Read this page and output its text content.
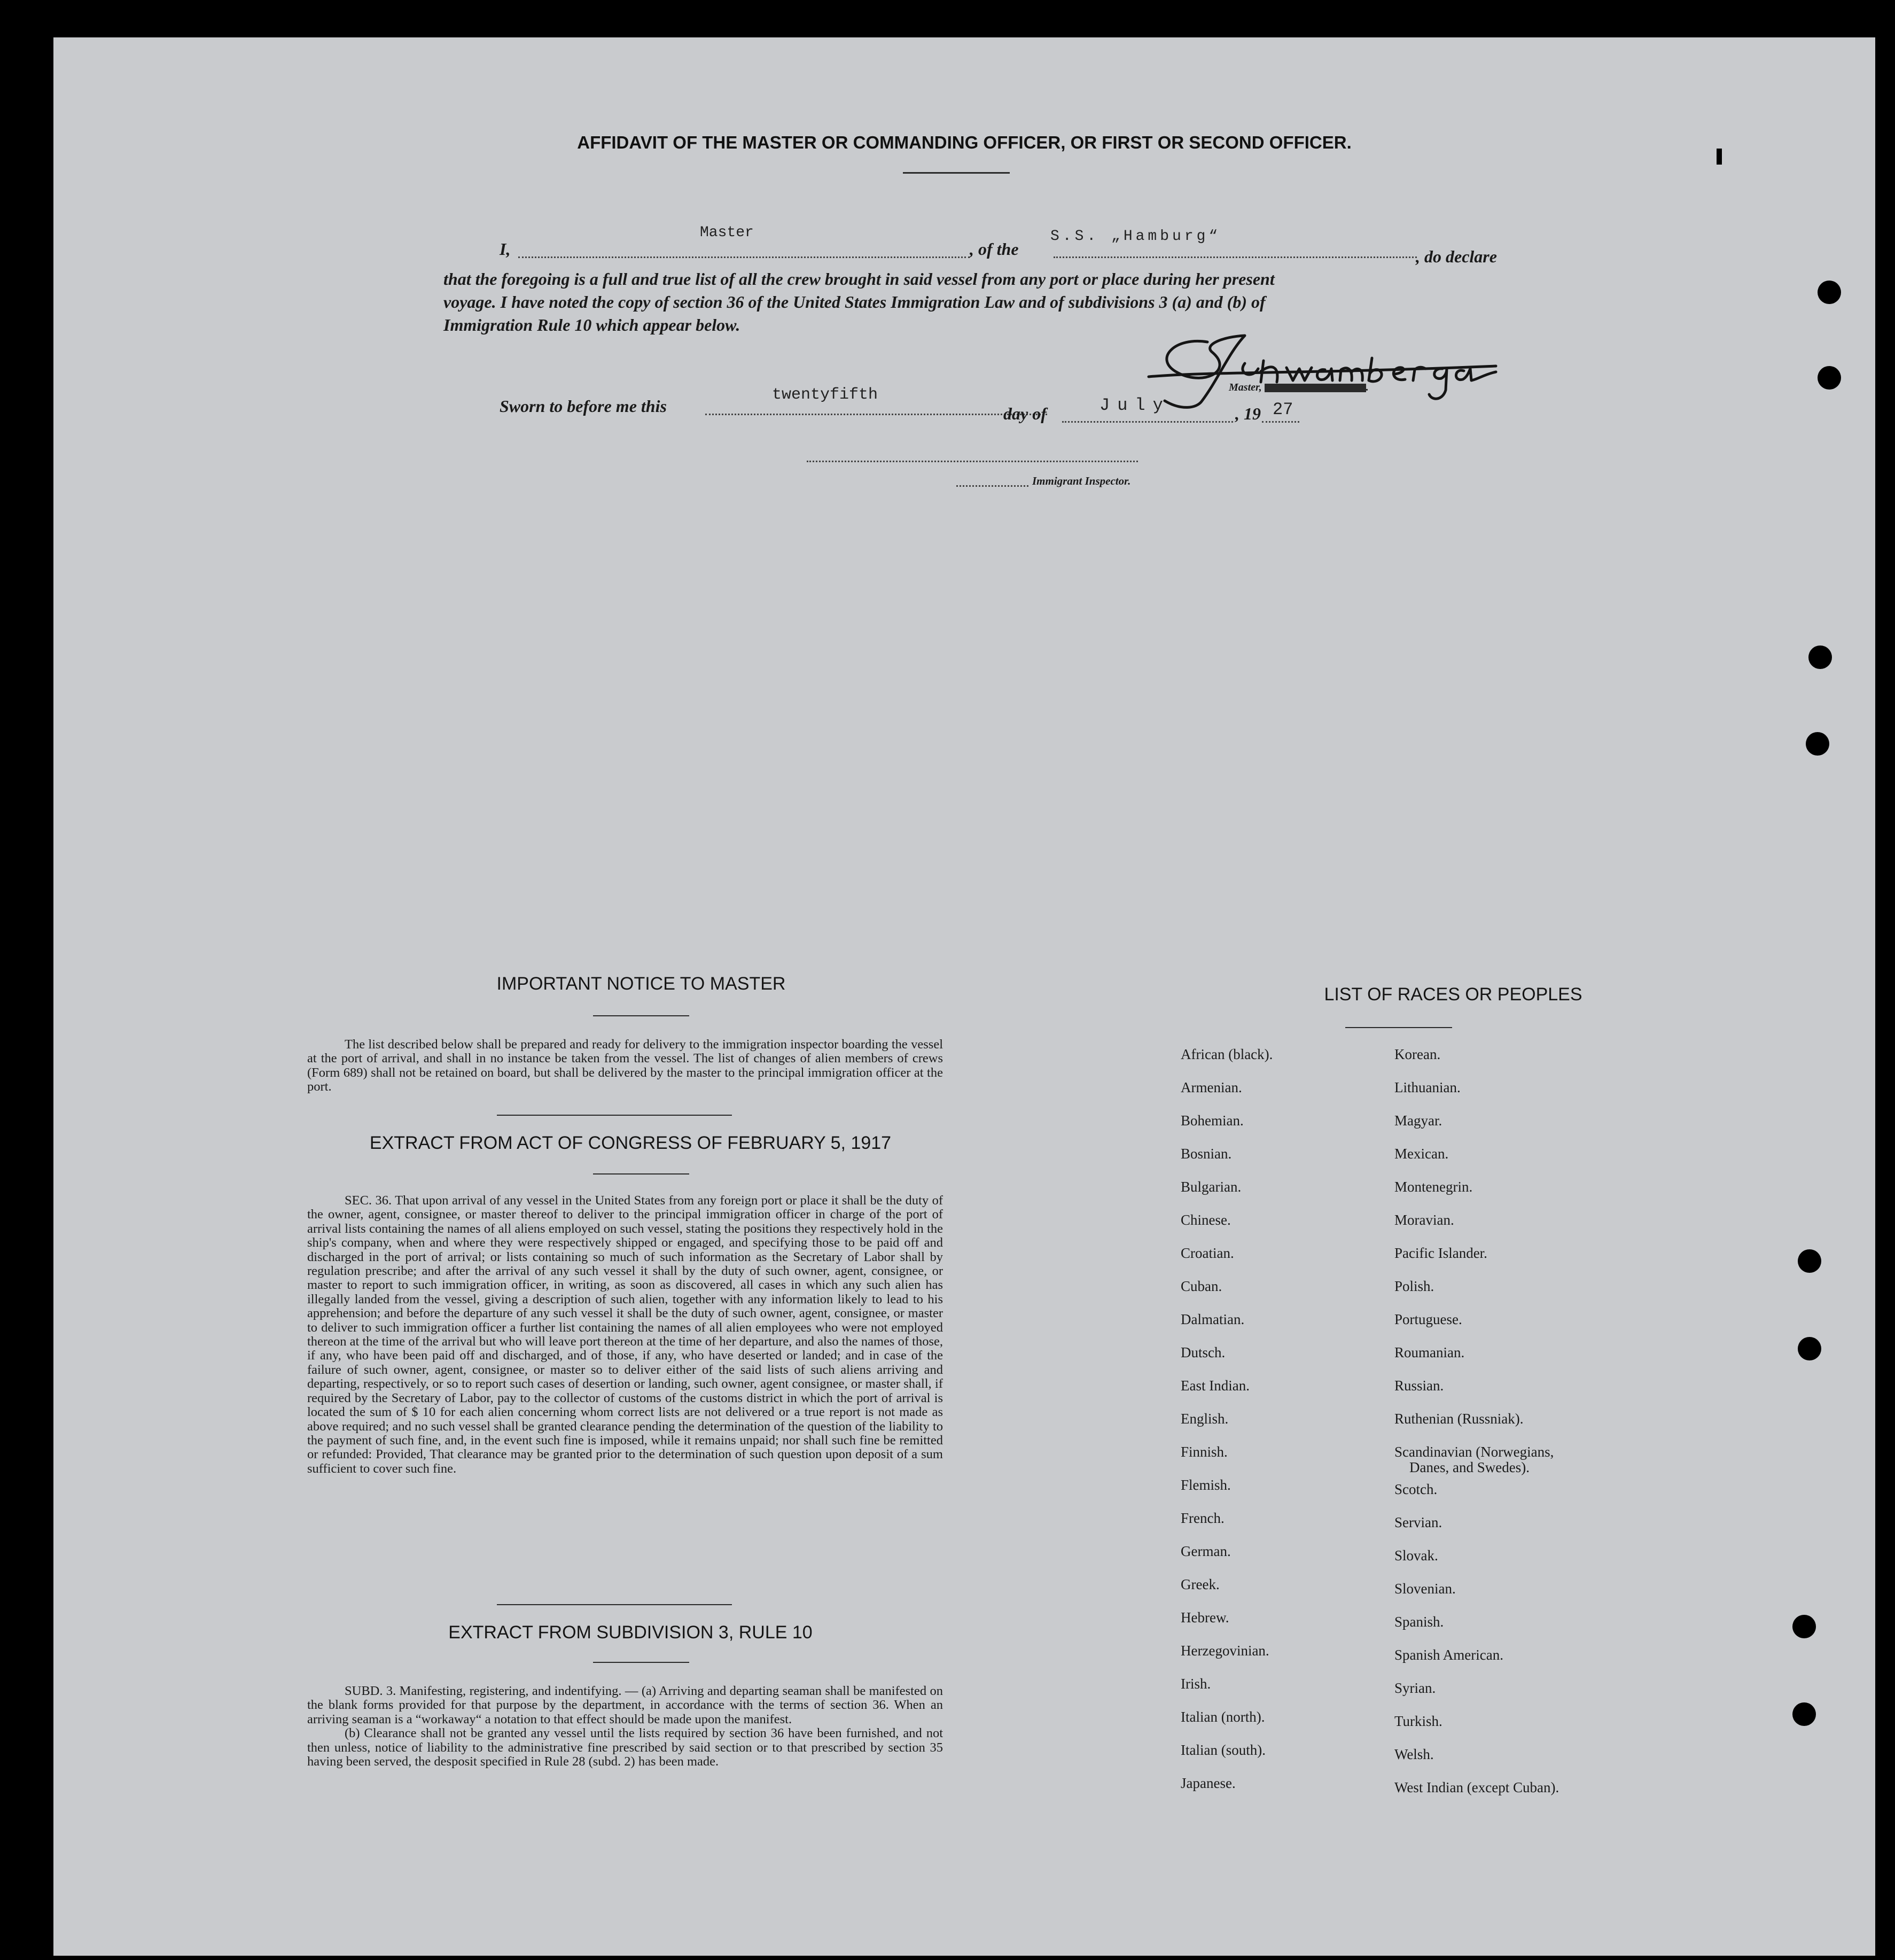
AFFIDAVIT OF THE MASTER OR COMMANDING OFFICER, OR FIRST OR SECOND OFFICER.
I,
Master
, of the
S.S. „Hamburg“
, do declare
that the foregoing is a full and true list of all the crew brought in said vessel from any port or place during her present
voyage. I have noted the copy of section 36 of the United States Immigration Law and of subdivisions 3 (a) and (b) of
Immigration Rule 10 which appear below.
Master,	.
Sworn to before me this
twentyfifth
day of	July	, 19 27
Immigrant Inspector.
IMPORTANT NOTICE TO MASTER

The list described below shall be prepared and ready for delivery to the immigration inspector boarding the vessel at the port of arrival, and shall in no instance be taken from the vessel. The list of changes of alien members of crews (Form 689) shall not be retained on board, but shall be delivered by the master to the principal immigration officer at the port.

EXTRACT FROM ACT OF CONGRESS OF FEBRUARY 5, 1917

SEC. 36. That upon arrival of any vessel in the United States from any foreign port or place it shall be the duty of the owner, agent, consignee, or master thereof to deliver to the principal immigration officer in charge of the port of arrival lists containing the names of all aliens employed on such vessel, stating the positions they respectively hold in the ship's company, when and where they were respectively shipped or engaged, and specifying those to be paid off and discharged in the port of arrival; or lists containing so much of such information as the Secretary of Labor shall by regulation prescribe; and after the arrival of any such vessel it shall by the duty of such owner, agent, consignee, or master to report to such immigration officer, in writing, as soon as discovered, all cases in which any such alien has illegally landed from the vessel, giving a description of such alien, together with any information likely to lead to his apprehension; and before the departure of any such vessel it shall be the duty of such owner, agent, consignee, or master to deliver to such immigration officer a further list containing the names of all alien employees who were not employed thereon at the time of the arrival but who will leave port thereon at the time of her departure, and also the names of those, if any, who have been paid off and discharged, and of those, if any, who have deserted or landed; and in case of the failure of such owner, agent, consignee, or master so to deliver either of the said lists of such aliens arriving and departing, respectively, or so to report such cases of desertion or landing, such owner, agent consignee, or master shall, if required by the Secretary of Labor, pay to the collector of customs of the customs district in which the port of arrival is located the sum of $ 10 for each alien concerning whom correct lists are not delivered or a true report is not made as above required; and no such vessel shall be granted clearance pending the determination of the question of the liability to the payment of such fine, and, in the event such fine is imposed, while it remains unpaid; nor shall such fine be remitted or refunded: Provided, That clearance may be granted prior to the determination of such question upon deposit of a sum sufficient to cover such fine.

EXTRACT FROM SUBDIVISION 3, RULE 10

SUBD. 3. Manifesting, registering, and indentifying. — (a) Arriving and departing seaman shall be manifested on the blank forms provided for that purpose by the department, in accordance with the terms of section 36. When an arriving seaman is a “workaway“ a notation to that effect should be made upon the manifest.

(b) Clearance shall not be granted any vessel until the lists required by section 36 have been furnished, and not then unless, notice of liability to the administrative fine prescribed by said section or to that prescribed by section 35 having been served, the desposit specified in Rule 28 (subd. 2) has been made.

LIST OF RACES OR PEOPLES
African (black).
Armenian.
Bohemian.
Bosnian.
Bulgarian.
Chinese.
Croatian.
Cuban.
Dalmatian.
Dutsch.
East Indian.
English.
Finnish.
Flemish.
French.
German.
Greek.
Hebrew.
Herzegovinian.
Irish.
Italian (north).
Italian (south).
Japanese.
Korean.
Lithuanian.
Magyar.
Mexican.
Montenegrin.
Moravian.
Pacific Islander.
Polish.
Portuguese.
Roumanian.
Russian.
Ruthenian (Russniak).
Scandinavian (Norwegians,
Scotch.
Servian.
Slovak.
Slovenian.
Spanish.
Spanish American.
Syrian.
Turkish.
Welsh.
West Indian (except Cuban).
Danes, and Swedes).
